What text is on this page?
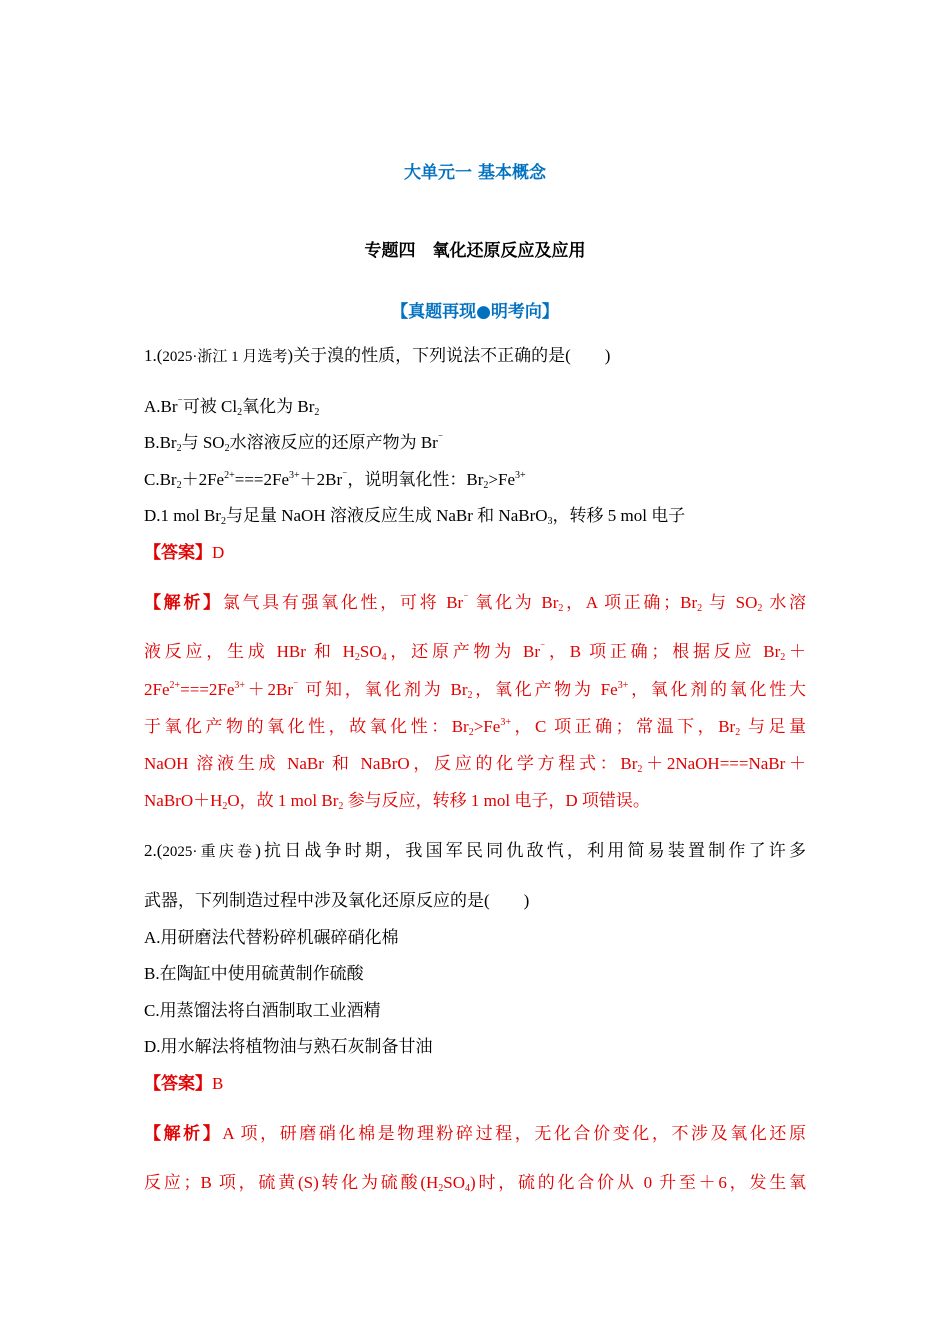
大单元一 基本概念
专题四　氧化还原反应及应用
【真题再现●明考向】
1.(2025·浙江 1 月选考)关于溴的性质，下列说法不正确的是(　　)
A.Br⁻可被 $Cl_2$氧化为 $Br_2$
$B.Br_2$与 $SO_2$水溶液反应的还原产物为 Br⁻
$C.Br_2+2Fe^{2+}===2Fe^{3+}+2Br^{^-}$，说明氧化性：$Br_2>Fe^{3+}$
D.1 mol $Br_2$与足量 NaOH 溶液反应生成 NaBr 和 NaBrO$_3$，转移 5 mol 电子
【答案】D
【解析】氯气具有强氧化性，可将 Br⁻ 氧化为 $Br_2$，A 项正确；$Br_2$ 与 $SO_2$ 水溶
液反应，生成 HBr 和 $H_2SO_4$，还原产物为 Br⁻，B 项正确；根据反应 $Br_2+$
$2Fe^{2+}===2Fe^{3+}+2Br^{^-}$ 可知，氧化剂为 $Br_2$，氧化产物为 $Fe^{3+}$，氧化剂的氧化性大
于氧化产物的氧化性，故氧化性：$Br_2>Fe^{3+}$，C 项正确；常温下，$Br_2$ 与足量
NaOH 溶液生成 NaBr 和 NaBrO，反应的化学方程式：$Br_2+2NaOH===NaBr+$
$NaBrO+H_2O$，故 1 mol $Br_2$ 参与反应，转移 1 mol 电子，D 项错误。
2.(2025·重庆卷)抗日战争时期，我国军民同仇敌忾，利用简易装置制作了许多
武器，下列制造过程中涉及氧化还原反应的是(　　)
A.用研磨法代替粉碎机碾碎硝化棉
B.在陶缸中使用硫黄制作硫酸
C.用蒸馏法将白酒制取工业酒精
D.用水解法将植物油与熟石灰制备甘油
【答案】B
【解析】A 项，研磨硝化棉是物理粉碎过程，无化合价变化，不涉及氧化还原
反应；B 项，硫黄(S)转化为硫酸$(H_2SO_4)$时，硫的化合价从 0 升至＋6，发生氧
